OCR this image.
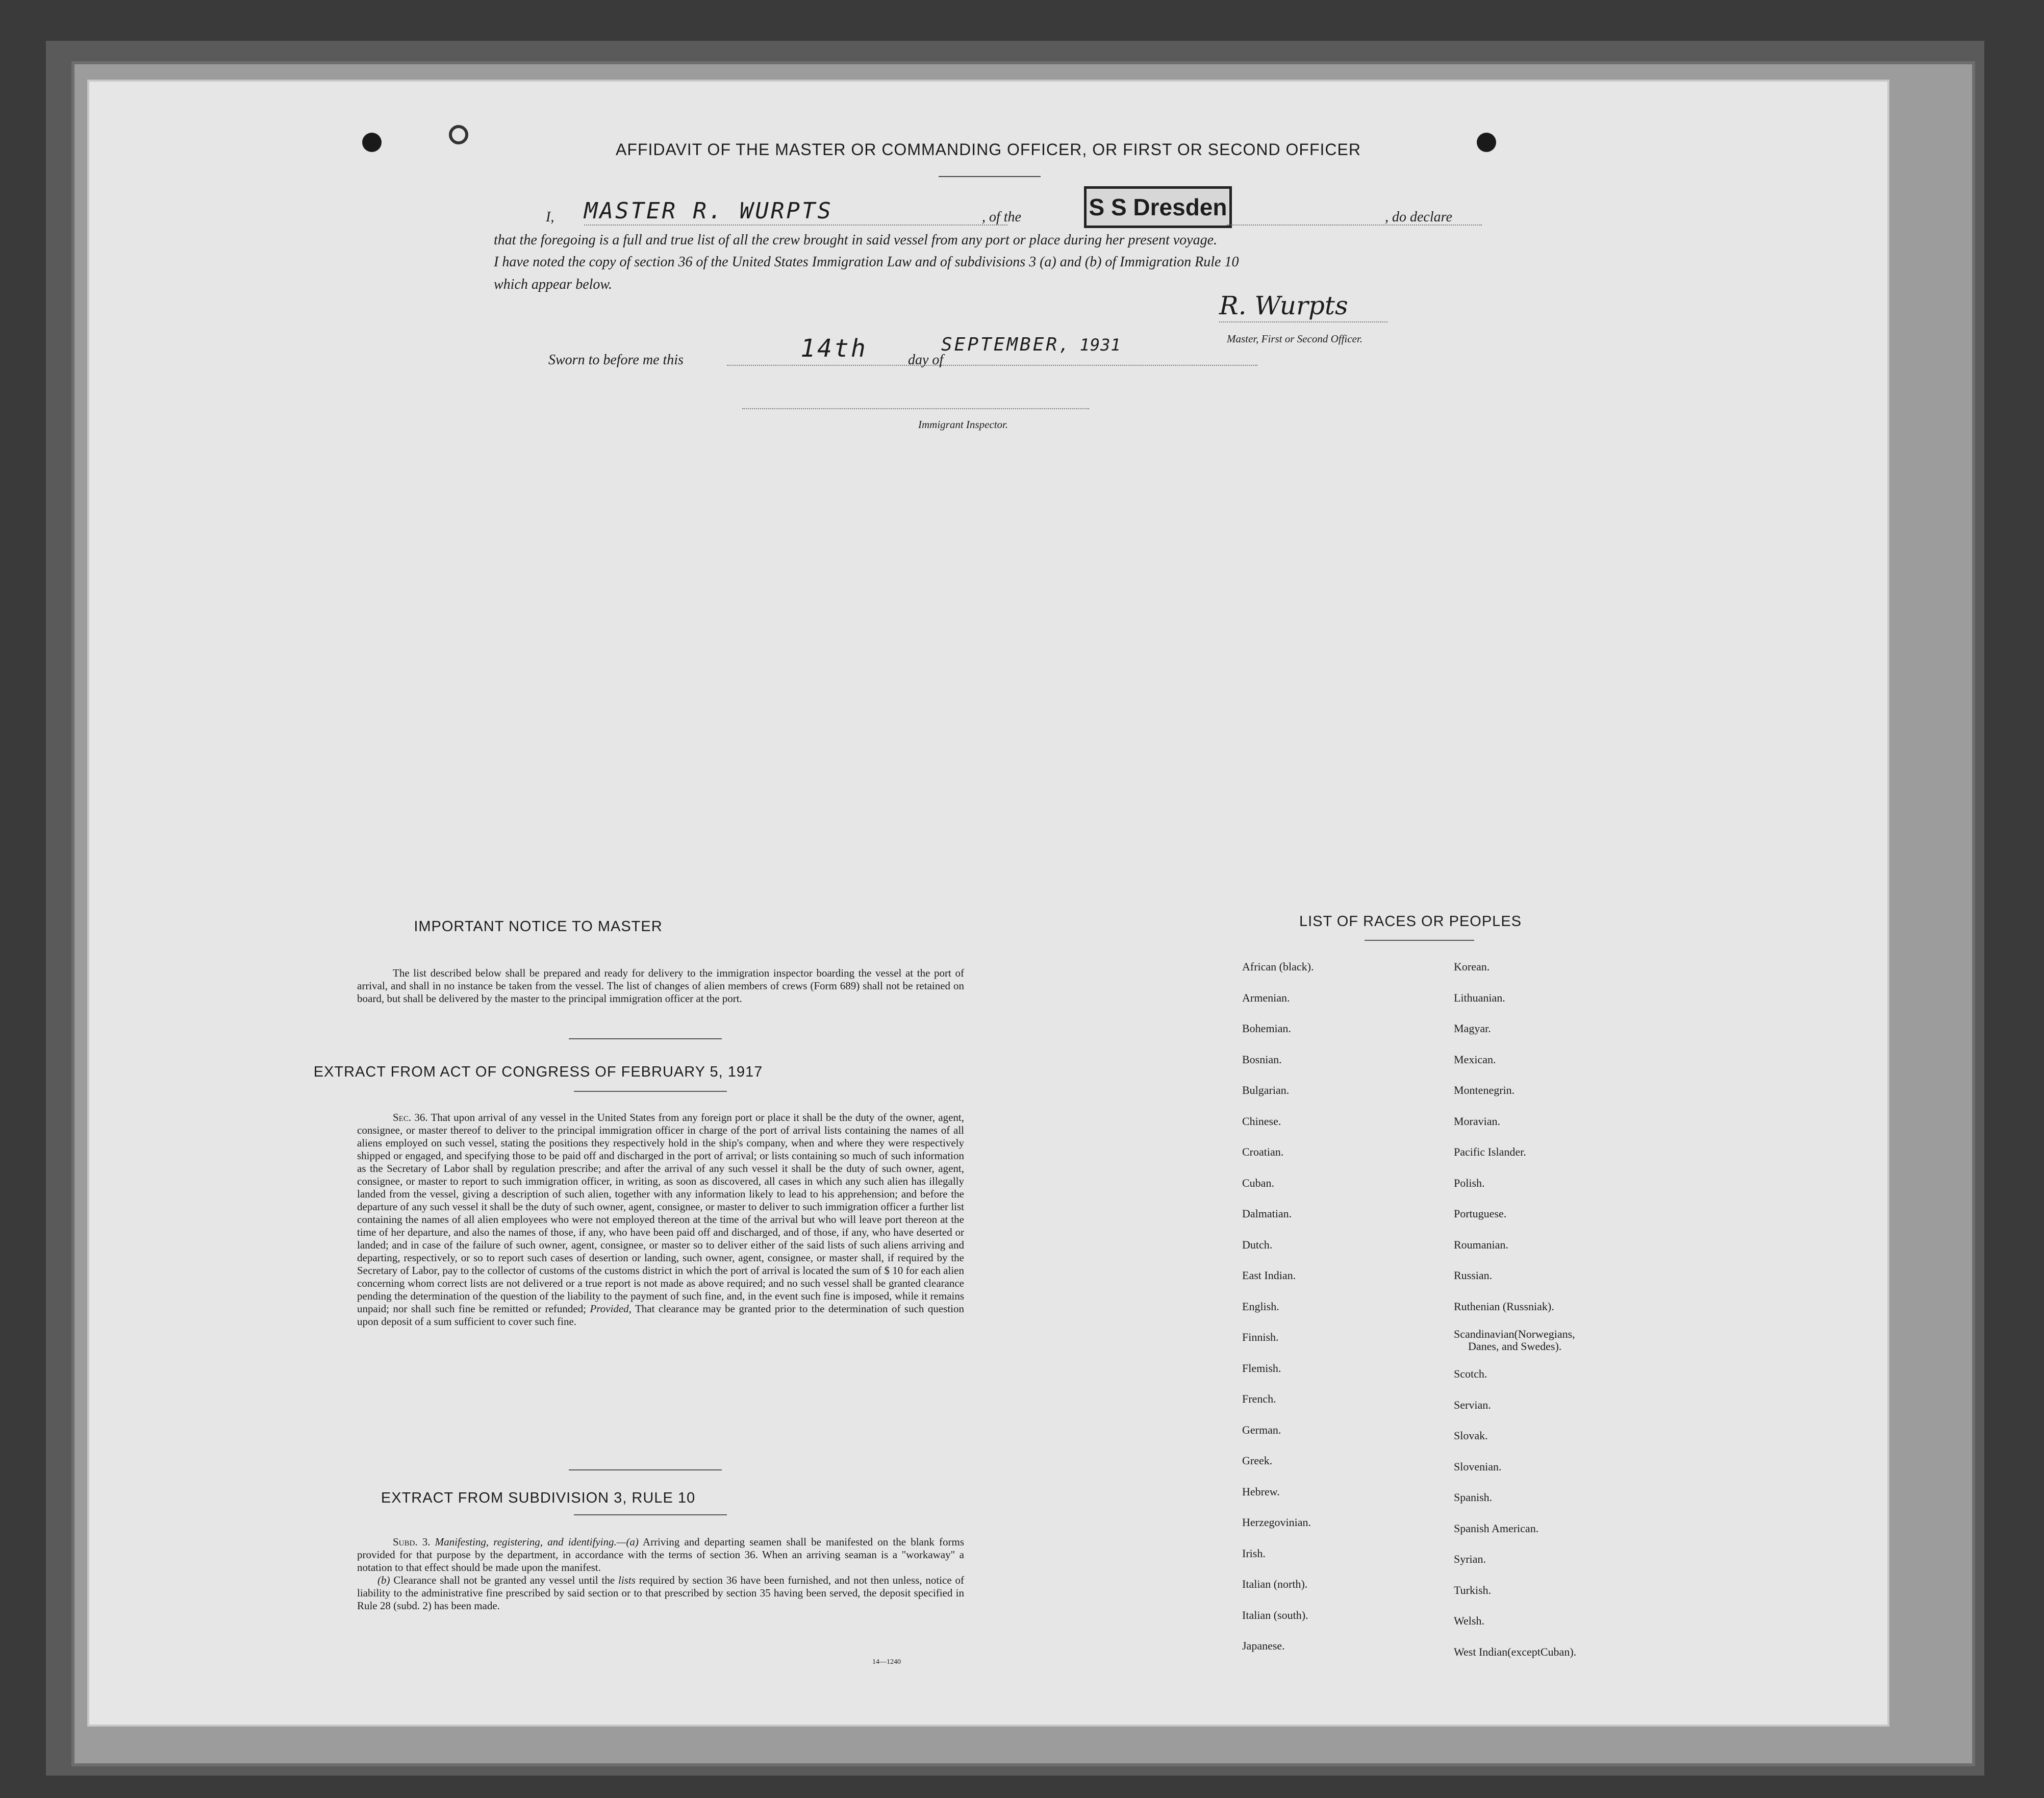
AFFIDAVIT OF THE MASTER OR COMMANDING OFFICER, OR FIRST OR SECOND OFFICER
I, MASTER R. WURPTS	, of the	S S Dresden	, do declare
that the foregoing is a full and true list of all the crew brought in said vessel from any port or place during her present voyage.
I have noted the copy of section 36 of the United States Immigration Law and of subdivisions 3 (a) and (b) of Immigration Rule 10
which appear below.
R. Wurpts
Master, First or Second Officer.
Sworn to before me this	14th	day of
SEPTEMBER, 1931
Immigrant Inspector.
IMPORTANT NOTICE TO MASTER

The list described below shall be prepared and ready for delivery to the immigration inspector boarding the vessel at the port of arrival, and shall in no instance be taken from the vessel. The list of changes of alien members of crews (Form 689) shall not be retained on board, but shall be delivered by the master to the principal immigration officer at the port.

EXTRACT FROM ACT OF CONGRESS OF FEBRUARY 5, 1917

Sec. 36. That upon arrival of any vessel in the United States from any foreign port or place it shall be the duty of the owner, agent, consignee, or master thereof to deliver to the principal immigration officer in charge of the port of arrival lists containing the names of all aliens employed on such vessel, stating the positions they respectively hold in the ship's company, when and where they were respectively shipped or engaged, and specifying those to be paid off and discharged in the port of arrival; or lists containing so much of such information as the Secretary of Labor shall by regulation prescribe; and after the arrival of any such vessel it shall be the duty of such owner, agent, consignee, or master to report to such immigration officer, in writing, as soon as discovered, all cases in which any such alien has illegally landed from the vessel, giving a description of such alien, together with any information likely to lead to his apprehension; and before the departure of any such vessel it shall be the duty of such owner, agent, consignee, or master to deliver to such immigration officer a further list containing the names of all alien employees who were not employed thereon at the time of the arrival but who will leave port thereon at the time of her departure, and also the names of those, if any, who have been paid off and discharged, and of those, if any, who have deserted or landed; and in case of the failure of such owner, agent, consignee, or master so to deliver either of the said lists of such aliens arriving and departing, respectively, or so to report such cases of desertion or landing, such owner, agent, consignee, or master shall, if required by the Secretary of Labor, pay to the collector of customs of the customs district in which the port of arrival is located the sum of $ 10 for each alien concerning whom correct lists are not delivered or a true report is not made as above required; and no such vessel shall be granted clearance pending the determination of the question of the liability to the payment of such fine, and, in the event such fine is imposed, while it remains unpaid; nor shall such fine be remitted or refunded; Provided, That clearance may be granted prior to the determination of such question upon deposit of a sum sufficient to cover such fine.

EXTRACT FROM SUBDIVISION 3, RULE 10

Subd. 3. Manifesting, registering, and identifying.—(a) Arriving and departing seamen shall be manifested on the blank forms provided for that purpose by the department, in accordance with the terms of section 36. When an arriving seaman is a "workaway" a notation to that effect should be made upon the manifest.

(b) Clearance shall not be granted any vessel until the lists required by section 36 have been furnished, and not then unless, notice of liability to the administrative fine prescribed by said section or to that prescribed by section 35 having been served, the deposit specified in Rule 28 (subd. 2) has been made.

14—1240
LIST OF RACES OR PEOPLES
African (black).
Armenian.
Bohemian.
Bosnian.
Bulgarian.
Chinese.
Croatian.
Cuban.
Dalmatian.
Dutch.
East Indian.
English.
Finnish.
Flemish.
French.
German.
Greek.
Hebrew.
Herzegovinian.
Irish.
Italian (north).
Italian (south).
Japanese.
Korean.
Lithuanian.
Magyar.
Mexican.
Montenegrin.
Moravian.
Pacific Islander.
Polish.
Portuguese.
Roumanian.
Russian.
Ruthenian (Russniak).
Scandinavian(Norwegians,
Danes, and Swedes).
Scotch.
Servian.
Slovak.
Slovenian.
Spanish.
Spanish American.
Syrian.
Turkish.
Welsh.
West Indian(exceptCuban).
